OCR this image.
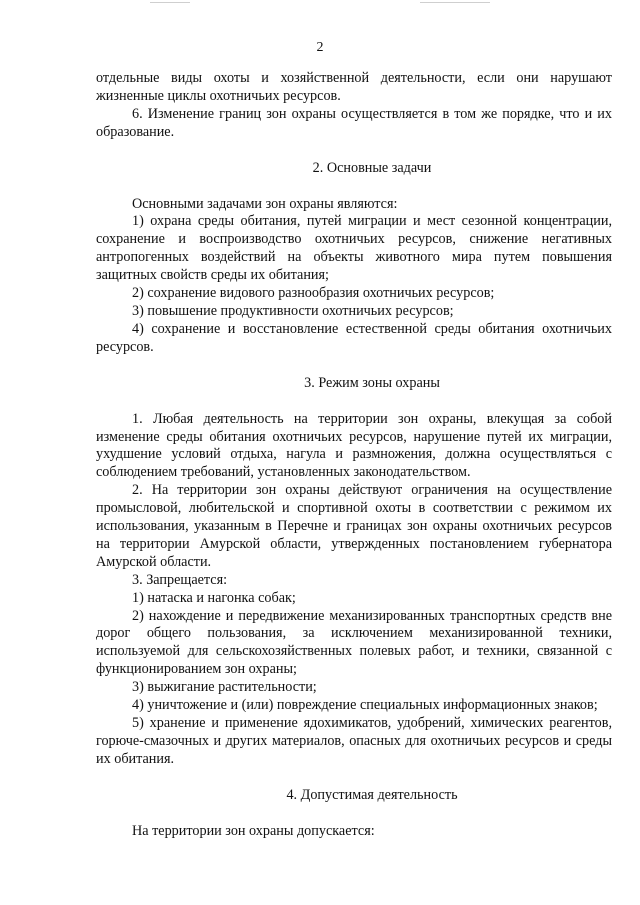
2

отдельные виды охоты и хозяйственной деятельности, если они нарушают жизненные циклы охотничьих ресурсов.

6. Изменение границ зон охраны осуществляется в том же порядке, что и их образование.

2. Основные задачи

Основными задачами зон охраны являются:

1) охрана среды обитания, путей миграции и мест сезонной концентрации, сохранение и воспроизводство охотничьих ресурсов, снижение негативных антропогенных воздействий на объекты животного мира путем повышения защитных свойств среды их обитания;

2) сохранение видового разнообразия охотничьих ресурсов;

3) повышение продуктивности охотничьих ресурсов;

4) сохранение и восстановление естественной среды обитания охотничьих ресурсов.

3. Режим зоны охраны

1. Любая деятельность на территории зон охраны, влекущая за собой изменение среды обитания охотничьих ресурсов, нарушение путей их миграции, ухудшение условий отдыха, нагула и размножения, должна осуществляться с соблюдением требований, установленных законодательством.

2. На территории зон охраны действуют ограничения на осуществление промысловой, любительской и спортивной охоты в соответствии с режимом их использования, указанным в Перечне и границах зон охраны охотничьих ресурсов на территории Амурской области, утвержденных постановлением губернатора Амурской области.

3. Запрещается:

1) натаска и нагонка собак;

2) нахождение и передвижение механизированных транспортных средств вне дорог общего пользования, за исключением механизированной техники, используемой для сельскохозяйственных полевых работ, и техники, связанной с функционированием зон охраны;

3) выжигание растительности;

4) уничтожение и (или) повреждение специальных информационных знаков;

5) хранение и применение ядохимикатов, удобрений, химических реагентов, горюче-смазочных и других материалов, опасных для охотничьих ресурсов и среды их обитания.

4. Допустимая деятельность

На территории зон охраны допускается:
